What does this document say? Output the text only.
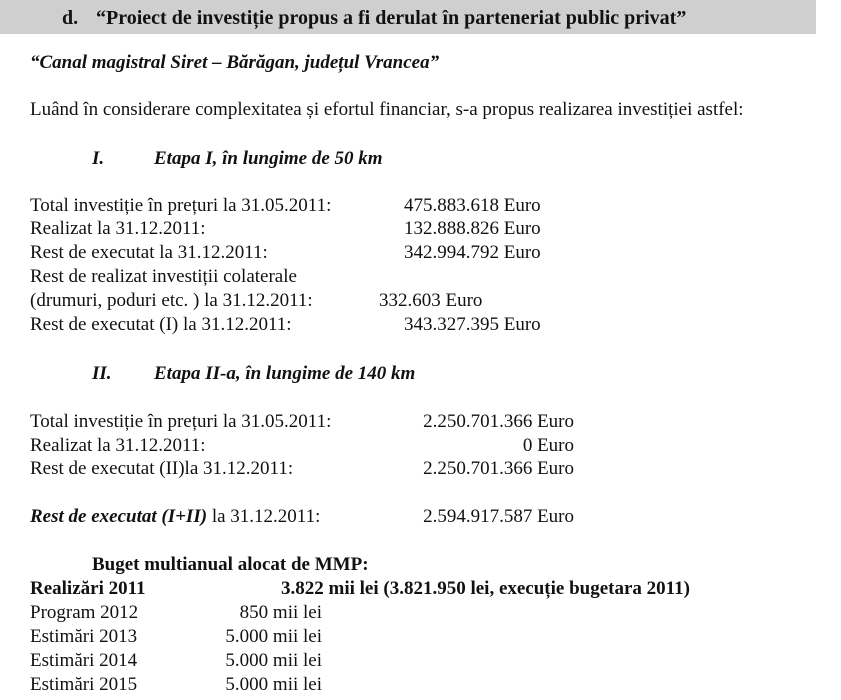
d. “Proiect de investiție propus a fi derulat în parteneriat public privat”
“Canal magistral Siret – Bărăgan, județul Vrancea”
Luând în considerare complexitatea și efortul financiar, s-a propus realizarea investiției astfel:
I.	Etapa I, în lungime de 50 km
Total investiție în prețuri la 31.05.2011:	475.883.618 Euro
Realizat la 31.12.2011:	132.888.826 Euro
Rest de executat la 31.12.2011:	342.994.792 Euro
Rest de realizat investiții colaterale
(drumuri, poduri etc. ) la 31.12.2011:	332.603 Euro
Rest de executat (I) la 31.12.2011:	343.327.395 Euro
II. Etapa II-a, în lungime de 140 km
Total investiție în prețuri la 31.05.2011:	2.250.701.366 Euro
Realizat la 31.12.2011:	0 Euro
Rest de executat (II)la 31.12.2011:	2.250.701.366 Euro
Rest de executat (I+II) la 31.12.2011:	2.594.917.587 Euro
Buget multianual alocat de MMP:
Realizări 2011	3.822 mii lei (3.821.950 lei, execuție bugetara 2011)
Program 2012	850 mii lei
Estimări 2013	5.000 mii lei
Estimări 2014	5.000 mii lei
Estimări 2015	5.000 mii lei
